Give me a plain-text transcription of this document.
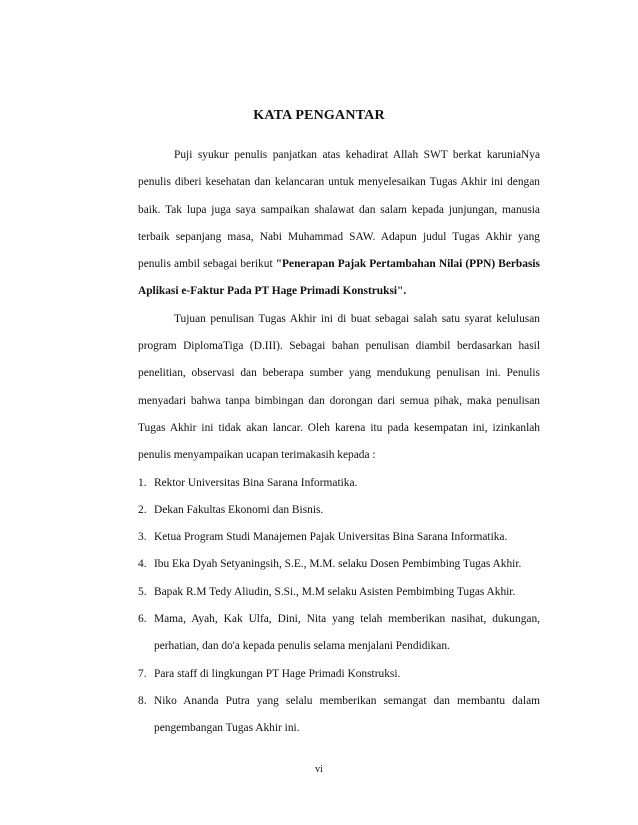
KATA PENGANTAR

Puji syukur penulis panjatkan atas kehadirat Allah SWT berkat karuniaNya penulis diberi kesehatan dan kelancaran untuk menyelesaikan Tugas Akhir ini dengan baik. Tak lupa juga saya sampaikan shalawat dan salam kepada junjungan, manusia terbaik sepanjang masa, Nabi Muhammad SAW. Adapun judul Tugas Akhir yang penulis ambil sebagai berikut "Penerapan Pajak Pertambahan Nilai (PPN) Berbasis Aplikasi e-Faktur Pada PT Hage Primadi Konstruksi".

Tujuan penulisan Tugas Akhir ini di buat sebagai salah satu syarat kelulusan program DiplomaTiga (D.III). Sebagai bahan penulisan diambil berdasarkan hasil penelitian, observasi dan beberapa sumber yang mendukung penulisan ini. Penulis menyadari bahwa tanpa bimbingan dan dorongan dari semua pihak, maka penulisan Tugas Akhir ini tidak akan lancar. Oleh karena itu pada kesempatan ini, izinkanlah penulis menyampaikan ucapan terimakasih kepada :

1. Rektor Universitas Bina Sarana Informatika.
2. Dekan Fakultas Ekonomi dan Bisnis.
3. Ketua Program Studi Manajemen Pajak Universitas Bina Sarana Informatika.
4. Ibu Eka Dyah Setyaningsih, S.E., M.M. selaku Dosen Pembimbing Tugas Akhir.
5. Bapak R.M Tedy Aliudin, S.Si., M.M selaku Asisten Pembimbing Tugas Akhir.
6. Mama, Ayah, Kak Ulfa, Dini, Nita yang telah memberikan nasihat, dukungan, perhatian, dan do'a kepada penulis selama menjalani Pendidikan.
7. Para staff di lingkungan PT Hage Primadi Konstruksi.
8. Niko Ananda Putra yang selalu memberikan semangat dan membantu dalam pengembangan Tugas Akhir ini.
vi
